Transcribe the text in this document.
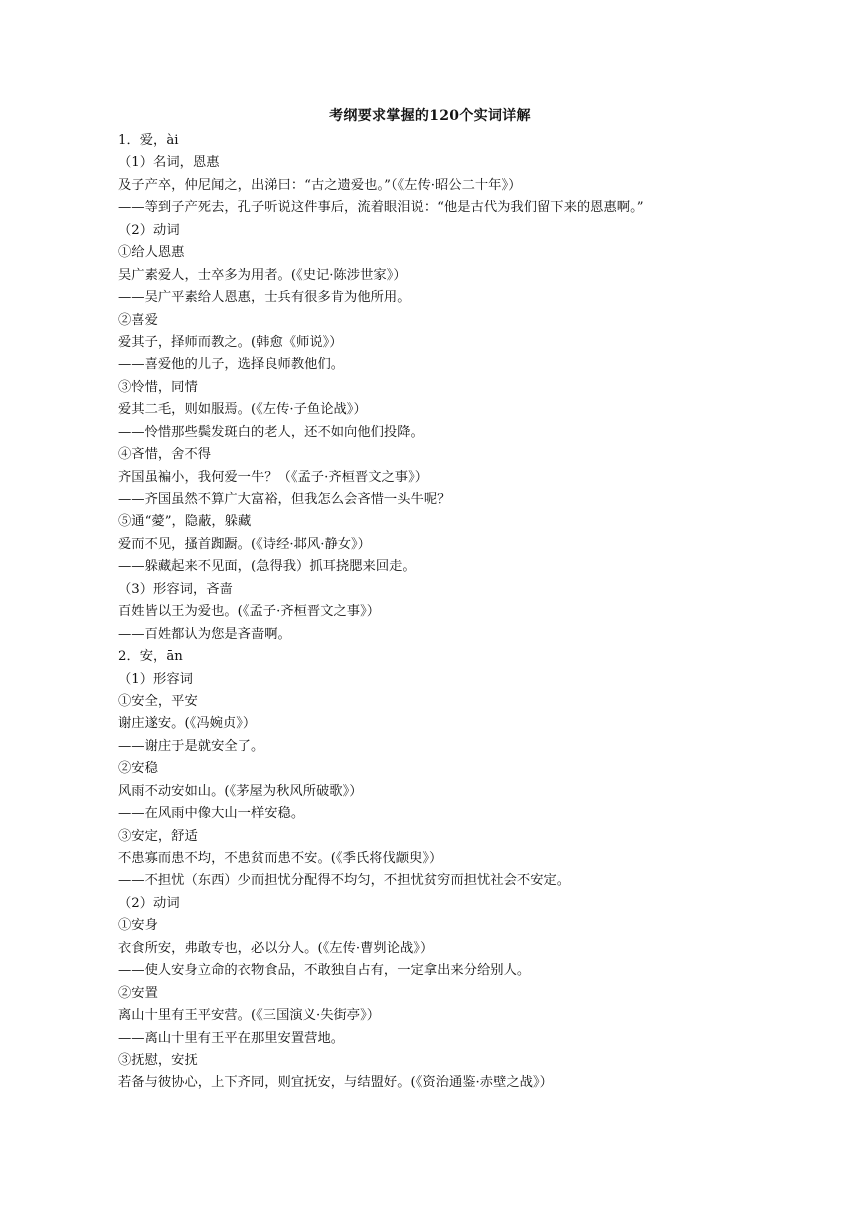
考纲要求掌握的120个实词详解
1．爱，ài
（1）名词，恩惠
及子产卒，仲尼闻之，出涕曰：“古之遗爱也。”（《左传·昭公二十年》）
——等到子产死去，孔子听说这件事后，流着眼泪说：“他是古代为我们留下来的恩惠啊。”
（2）动词
①给人恩惠
吴广素爱人，士卒多为用者。(《史记·陈涉世家》）
——吴广平素给人恩惠，士兵有很多肯为他所用。
②喜爱
爱其子，择师而教之。(韩愈《师说》）
——喜爱他的儿子，选择良师教他们。
③怜惜，同情
爱其二毛，则如服焉。(《左传·子鱼论战》）
——怜惜那些鬓发斑白的老人，还不如向他们投降。
④吝惜，舍不得
齐国虽褊小，我何爱一牛？（《孟子·齐桓晋文之事》）
——齐国虽然不算广大富裕，但我怎么会吝惜一头牛呢？
⑤通“薆”，隐蔽，躲藏
爱而不见，搔首踟蹰。(《诗经·邶风·静女》）
——躲藏起来不见面，(急得我）抓耳挠腮来回走。
（3）形容词，吝啬
百姓皆以王为爱也。(《孟子·齐桓晋文之事》）
——百姓都认为您是吝啬啊。
2．安，ān
（1）形容词
①安全，平安
谢庄遂安。(《冯婉贞》）
——谢庄于是就安全了。
②安稳
风雨不动安如山。(《茅屋为秋风所破歌》）
——在风雨中像大山一样安稳。
③安定，舒适
不患寡而患不均，不患贫而患不安。(《季氏将伐颛臾》）
——不担忧（东西）少而担忧分配得不均匀，不担忧贫穷而担忧社会不安定。
（2）动词
①安身
衣食所安，弗敢专也，必以分人。(《左传·曹刿论战》）
——使人安身立命的衣物食品，不敢独自占有，一定拿出来分给别人。
②安置
离山十里有王平安营。(《三国演义·失街亭》）
——离山十里有王平在那里安置营地。
③抚慰，安抚
若备与彼协心，上下齐同，则宜抚安，与结盟好。(《资治通鉴·赤壁之战》）
